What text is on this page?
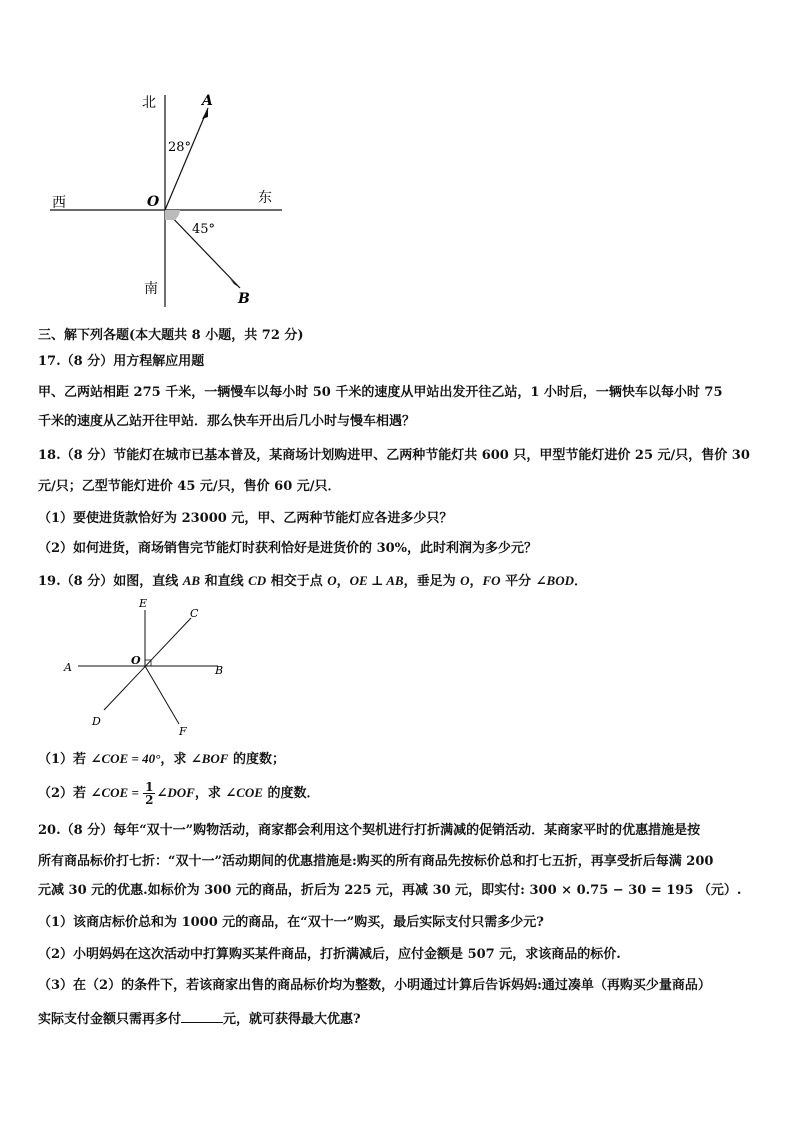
北	A
28°
西	O	东
45°
南
B
三、解下列各题(本大题共 8 小题，共 72 分)
17.（8 分）用方程解应用题
甲、乙两站相距 275 千米，一辆慢车以每小时 50 千米的速度从甲站出发开往乙站，1 小时后，一辆快车以每小时 75
千米的速度从乙站开往甲站．那么快车开出后几小时与慢车相遇？
18.（8 分）节能灯在城市已基本普及，某商场计划购进甲、乙两种节能灯共 600 只，甲型节能灯进价 25 元/只，售价 30
元/只；乙型节能灯进价 45 元/只，售价 60 元/只．
（1）要使进货款恰好为 23000 元，甲、乙两种节能灯应各进多少只？
（2）如何进货，商场销售完节能灯时获利恰好是进货价的 30%，此时利润为多少元？
19.（8 分）如图，直线 AB 和直线 CD 相交于点 O，OE ⊥ AB，垂足为 O，FO 平分 ∠BOD．
E
C
A
O
B
D
F
（1）若 ∠COE = 40°，求 ∠BOF 的度数；
（2）若 ∠COE = $\frac{1}{2}$ ∠DOF，求 ∠COE 的度数．
20.（8 分）每年“双十一”购物活动，商家都会利用这个契机进行打折满减的促销活动．某商家平时的优惠措施是按
所有商品标价打七折：“双十一”活动期间的优惠措施是:购买的所有商品先按标价总和打七五折，再享受折后每满 200
元减 30 元的优惠.如标价为 300 元的商品，折后为 225 元，再减 30 元，即实付: 300 × 0.75 − 30 = 195 （元）.
（1）该商店标价总和为 1000 元的商品，在“双十一”购买，最后实际支付只需多少元?
（2）小明妈妈在这次活动中打算购买某件商品，打折满减后，应付金额是 507 元，求该商品的标价.
（3）在（2）的条件下，若该商家出售的商品标价均为整数，小明通过计算后告诉妈妈:通过凑单（再购买少量商品）
实际支付金额只需再多付	元，就可获得最大优惠?
